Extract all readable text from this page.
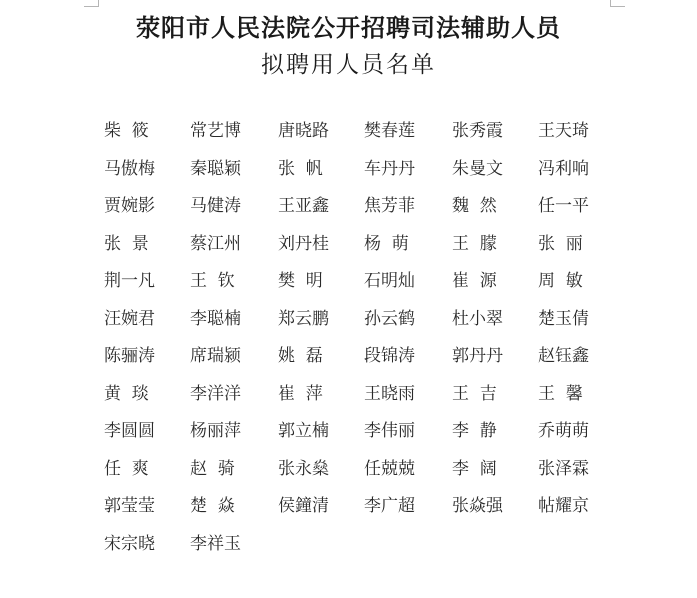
荥阳市人民法院公开招聘司法辅助人员
拟聘用人员名单
柴  筱 常艺博 唐晓路 樊春莲 张秀霞 王天琦
马傲梅 秦聪颖 张  帆 车丹丹 朱曼文 冯利响
贾婉影 马健涛 王亚鑫 焦芳菲 魏  然 任一平
张  景 蔡江州 刘丹桂 杨  萌	王  朦 张  丽
荆一凡 王  钦	樊  明 石明灿 崔  源 周  敏
汪婉君 李聪楠 郑云鹏 孙云鹤 杜小翠 楚玉倩
陈骊涛 席瑞颍 姚  磊 段锦涛 郭丹丹 赵钰鑫
黄  琰 李洋洋 崔  萍 王晓雨 王  吉 王  馨
李圆圆 杨丽萍 郭立楠 李伟丽 李  静 乔萌萌
任  爽 赵  骑	张永燊 任兢兢 李  阔 张泽霖
郭莹莹 楚  焱	侯鐘清 李广超 张焱强 帖耀京
宋宗晓 李祥玉
